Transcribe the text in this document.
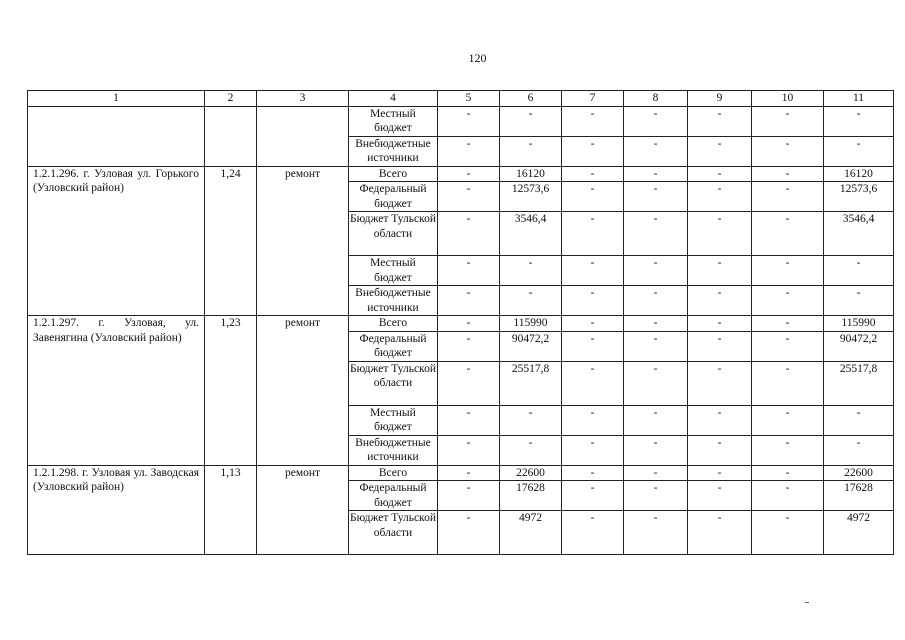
120
1	2	3	4	5	6	7	8	9	10	11
			Местный бюджет	-	-	-	-	-	-	-
			Внебюджетные источники	-	-	-	-	-	-	-
1.2.1.296. г. Узловая ул. Горького (Узловский район)	1,24	ремонт	Всего	-	16120	-	-	-	-	16120
			Федеральный бюджет	-	12573,6	-	-	-	-	12573,6
			Бюджет Тульской области	-	3546,4	-	-	-	-	3546,4
			Местный бюджет	-	-	-	-	-	-	-
			Внебюджетные источники	-	-	-	-	-	-	-
1.2.1.297. г. Узловая, ул. Завенягина (Узловский район)	1,23	ремонт	Всего	-	115990	-	-	-	-	115990
			Федеральный бюджет	-	90472,2	-	-	-	-	90472,2
			Бюджет Тульской области	-	25517,8	-	-	-	-	25517,8
			Местный бюджет	-	-	-	-	-	-	-
			Внебюджетные источники	-	-	-	-	-	-	-
1.2.1.298. г. Узловая ул. Заводская (Узловский район)	1,13	ремонт	Всего	-	22600	-	-	-	-	22600
			Федеральный бюджет	-	17628	-	-	-	-	17628
			Бюджет Тульской области	-	4972	-	-	-	-	4972
